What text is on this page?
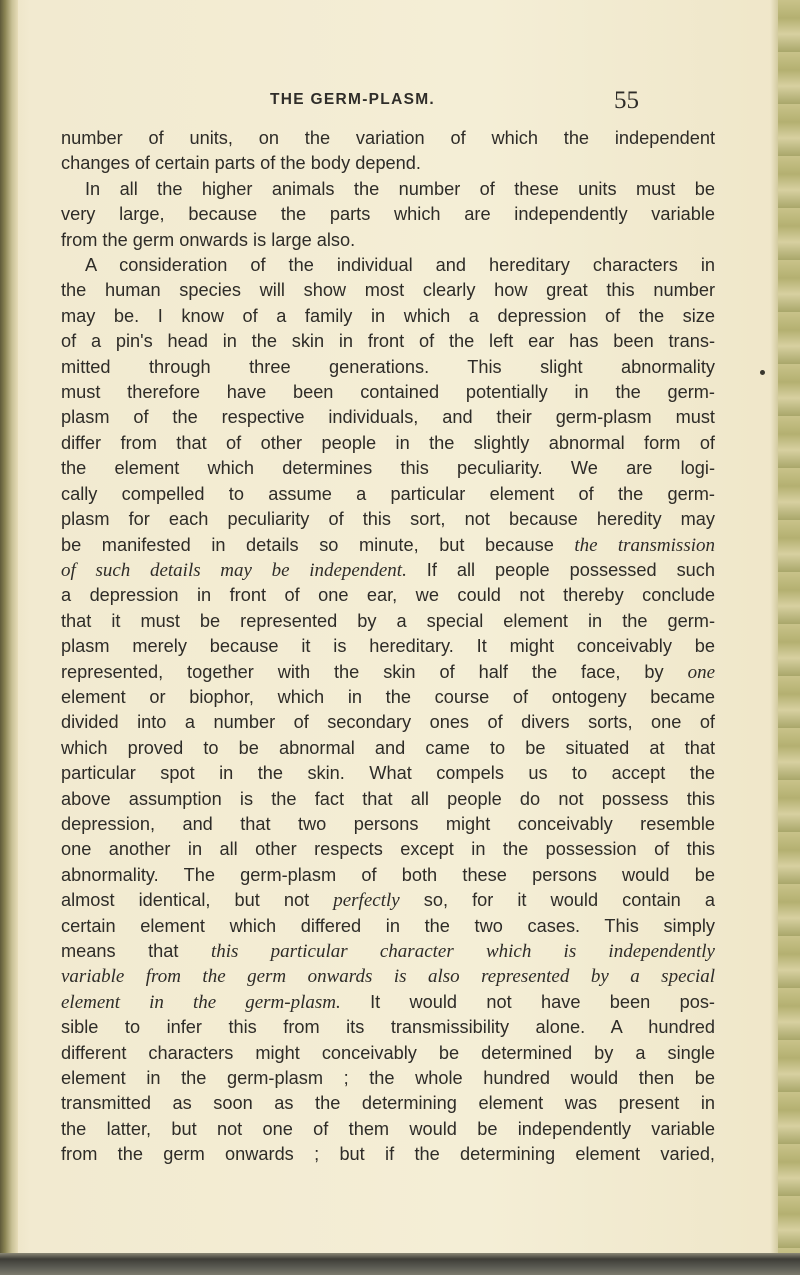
THE GERM-PLASM.	55
number of units, on the variation of which the independent
changes of certain parts of the body depend.
In all the higher animals the number of these units must be
very large, because the parts which are independently variable
from the germ onwards is large also.
A consideration of the individual and hereditary characters in
the human species will show most clearly how great this number
may be. I know of a family in which a depression of the size
of a pin's head in the skin in front of the left ear has been trans-
mitted through three generations. This slight abnormality
must therefore have been contained potentially in the germ-
plasm of the respective individuals, and their germ-plasm must
differ from that of other people in the slightly abnormal form of
the element which determines this peculiarity. We are logi-
cally compelled to assume a particular element of the germ-
plasm for each peculiarity of this sort, not because heredity may
be manifested in details so minute, but because the transmission
of such details may be independent. If all people possessed such
a depression in front of one ear, we could not thereby conclude
that it must be represented by a special element in the germ-
plasm merely because it is hereditary. It might conceivably be
represented, together with the skin of half the face, by one
element or biophor, which in the course of ontogeny became
divided into a number of secondary ones of divers sorts, one of
which proved to be abnormal and came to be situated at that
particular spot in the skin. What compels us to accept the
above assumption is the fact that all people do not possess this
depression, and that two persons might conceivably resemble
one another in all other respects except in the possession of this
abnormality. The germ-plasm of both these persons would be
almost identical, but not perfectly so, for it would contain a
certain element which differed in the two cases. This simply
means that this particular character which is independently
variable from the germ onwards is also represented by a special
element in the germ-plasm. It would not have been pos-
sible to infer this from its transmissibility alone. A hundred
different characters might conceivably be determined by a single
element in the germ-plasm ; the whole hundred would then be
transmitted as soon as the determining element was present in
the latter, but not one of them would be independently variable
from the germ onwards ; but if the determining element varied,
